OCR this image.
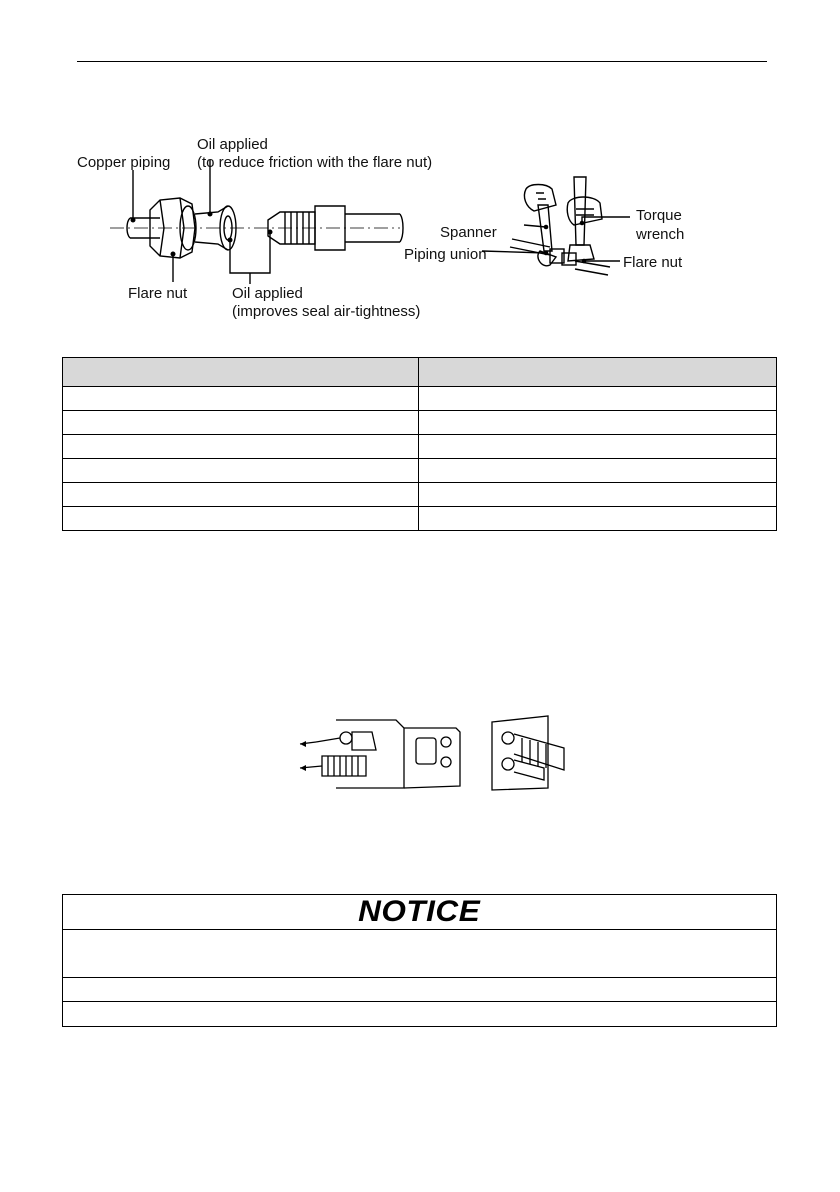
Copper piping
Oil applied
(to reduce friction with the flare nut)
Flare nut	Oil applied
(improves seal air-tightness)
Torque
wrench
Spanner
Piping union	Flare nut

NOTICE
